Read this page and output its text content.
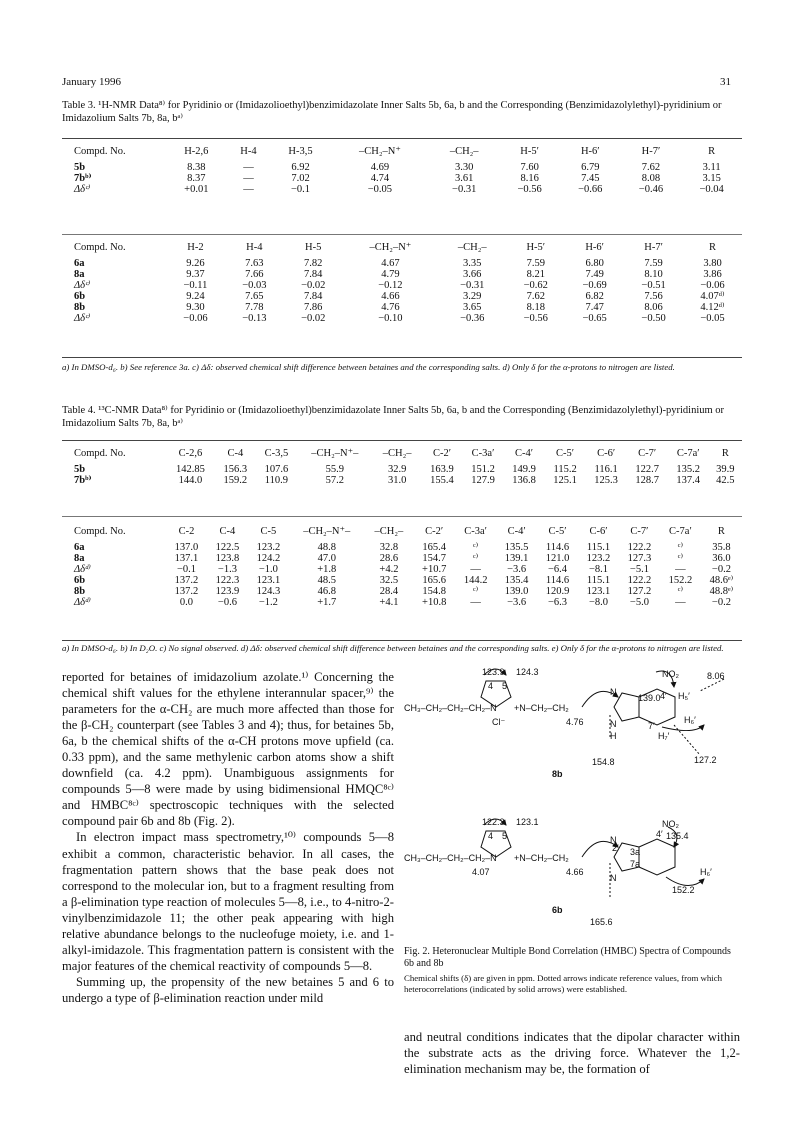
January 1996	31
Table 3. ¹H-NMR Data⁸⁾ for Pyridinio or (Imidazolioethyl)benzimidazolate Inner Salts 5b, 6a, b and the Corresponding (Benzimidazolylethyl)-pyridinium or Imidazolium Salts 7b, 8a, bᵃ⁾
Compd. No.	H-2,6	H-4	H-3,5	–CH₂–N⁺	–CH₂–	H-5′	H-6′	H-7′	R
5b	8.38	—	6.92	4.69	3.30	7.60	6.79	7.62	3.11
7bᵇ⁾	8.37	—	7.02	4.74	3.61	8.16	7.45	8.08	3.15
Δδᶜ⁾	+0.01	—	−0.1	−0.05	−0.31	−0.56	−0.66	−0.46	−0.04
Compd. No.	H-2	H-4	H-5	–CH₂–N⁺	–CH₂–	H-5′	H-6′	H-7′	R
6a	9.26	7.63	7.82	4.67	3.35	7.59	6.80	7.59	3.80
8a	9.37	7.66	7.84	4.79	3.66	8.21	7.49	8.10	3.86
Δδᶜ⁾	−0.11	−0.03	−0.02	−0.12	−0.31	−0.62	−0.69	−0.51	−0.06
6b	9.24	7.65	7.84	4.66	3.29	7.62	6.82	7.56	4.07ᵈ⁾
8b	9.30	7.78	7.86	4.76	3.65	8.18	7.47	8.06	4.12ᵈ⁾
Δδᶜ⁾	−0.06	−0.13	−0.02	−0.10	−0.36	−0.56	−0.65	−0.50	−0.05
a) In DMSO-d₆. b) See reference 3a. c) Δδ: observed chemical shift difference between betaines and the corresponding salts. d) Only δ for the α-protons to nitrogen are listed.
Table 4. ¹³C-NMR Data⁸⁾ for Pyridinio or (Imidazolioethyl)benzimidazolate Inner Salts 5b, 6a, b and the Corresponding (Benzimidazolylethyl)-pyridinium or Imidazolium Salts 7b, 8a, bᵃ⁾
Compd. No.	C-2,6	C-4	C-3,5	–CH₂–N⁺–	–CH₂–	C-2′	C-3a′	C-4′	C-5′	C-6′	C-7′	C-7a′	R
5b	142.85	156.3	107.6	55.9	32.9	163.9	151.2	149.9	115.2	116.1	122.7	135.2	39.9
7bᵇ⁾	144.0	159.2	110.9	57.2	31.0	155.4	127.9	136.8	125.1	125.3	128.7	137.4	42.5
Compd. No.	C-2	C-4	C-5	–CH₂–N⁺–	–CH₂–	C-2′	C-3a′	C-4′	C-5′	C-6′	C-7′	C-7a′	R
6a	137.0	122.5	123.2	48.8	32.8	165.4	ᶜ⁾	135.5	114.6	115.1	122.2	ᶜ⁾	35.8
8a	137.1	123.8	124.2	47.0	28.6	154.7	ᶜ⁾	139.1	121.0	123.2	127.3	ᶜ⁾	36.0
Δδᵈ⁾	−0.1	−1.3	−1.0	+1.8	+4.2	+10.7	—	−3.6	−6.4	−8.1	−5.1	—	−0.2
6b	137.2	122.3	123.1	48.5	32.5	165.6	144.2	135.4	114.6	115.1	122.2	152.2	48.6ᵉ⁾
8b	137.2	123.9	124.3	46.8	28.4	154.8	ᶜ⁾	139.0	120.9	123.1	127.2	ᶜ⁾	48.8ᵉ⁾
Δδᵈ⁾	0.0	−0.6	−1.2	+1.7	+4.1	+10.8	—	−3.6	−6.3	−8.0	−5.0	—	−0.2
a) In DMSO-d₆. b) In D₂O. c) No signal observed. d) Δδ: observed chemical shift difference between betaines and the corresponding salts. e) Only δ for the α-protons to nitrogen are listed.

reported for betaines of imidazolium azolate.¹⁾ Concerning the chemical shift values for the ethylene interannular spacer,⁹⁾ the parameters for the α-CH₂ are much more affected than those for the β-CH₂ counterpart (see Tables 3 and 4); thus, for betaines 5b, 6a, b the chemical shifts of the α-CH protons move upfield (ca. 0.33 ppm), and the same methylenic carbon atoms show a shift downfield (ca. 4.2 ppm). Unambiguous assignments for compounds 5—8 were made by using bidimensional HMQC⁸ᶜ⁾ and HMBC⁸ᶜ⁾ spectroscopic techniques with the selected compound pair 6b and 8b (Fig. 2).

In electron impact mass spectrometry,¹⁰⁾ compounds 5—8 exhibit a common, characteristic behavior. In all cases, the fragmentation pattern shows that the base peak does not correspond to the molecular ion, but to a fragment resulting from a β-elimination type reaction of molecules 5—8, i.e., to 4-nitro-2-vinylbenzimidazole 11; the other peak appearing with high relative abundance belongs to the nucleofuge moiety, i.e. and 1-alkyl-imidazole. This fragmentation pattern is consistent with the major features of the chemical reactivity of compounds 5—8.

Summing up, the propensity of the new betaines 5 and 6 to undergo a type of β-elimination reaction under mild

and neutral conditions indicates that the dipolar character within the substrate acts as the driving force. Whatever the 1,2-elimination mechanism may be, the formation of

123.9 124.3
4 5
139.0
8.06
NO₂
CH₃–CH₂–CH₂–CH₂–N +N–CH₂–CH₂
Cl⁻	4.76
N
N
H
4′
7′
H₅′
H₆′
H₇′
154.8	127.2
8b
122.3 123.1
4 5
NO₂
135.4
CH₃–CH₂–CH₂–CH₂–N +N–CH₂–CH₂
4.07	4.66
2′
4′
3a
7a
N
N
H₆′
152.2
165.6
6b
Fig. 2. Heteronuclear Multiple Bond Correlation (HMBC) Spectra of Compounds 6b and 8b
Chemical shifts (δ) are given in ppm. Dotted arrows indicate reference values, from which heterocorrelations (indicated by solid arrows) were established.
